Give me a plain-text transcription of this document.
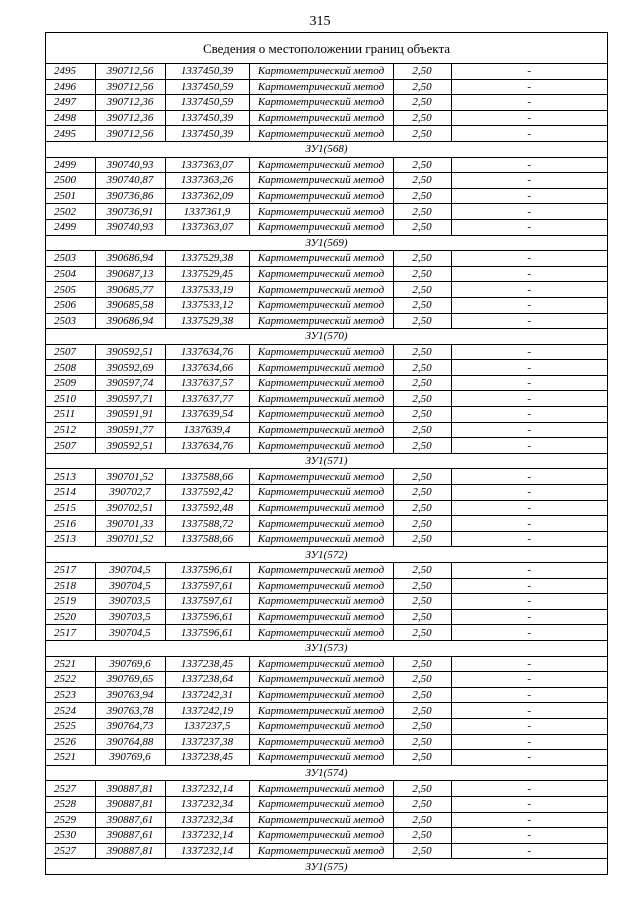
315
Сведения о местоположении границ объекта
2495	390712,56	1337450,39	Картометрический метод	2,50	-
2496	390712,56	1337450,59	Картометрический метод	2,50	-
2497	390712,36	1337450,59	Картометрический метод	2,50	-
2498	390712,36	1337450,39	Картометрический метод	2,50	-
2495	390712,56	1337450,39	Картометрический метод	2,50	-
ЗУ1(568)					
2499	390740,93	1337363,07	Картометрический метод	2,50	-
2500	390740,87	1337363,26	Картометрический метод	2,50	-
2501	390736,86	1337362,09	Картометрический метод	2,50	-
2502	390736,91	1337361,9	Картометрический метод	2,50	-
2499	390740,93	1337363,07	Картометрический метод	2,50	-
ЗУ1(569)					
2503	390686,94	1337529,38	Картометрический метод	2,50	-
2504	390687,13	1337529,45	Картометрический метод	2,50	-
2505	390685,77	1337533,19	Картометрический метод	2,50	-
2506	390685,58	1337533,12	Картометрический метод	2,50	-
2503	390686,94	1337529,38	Картометрический метод	2,50	-
ЗУ1(570)					
2507	390592,51	1337634,76	Картометрический метод	2,50	-
2508	390592,69	1337634,66	Картометрический метод	2,50	-
2509	390597,74	1337637,57	Картометрический метод	2,50	-
2510	390597,71	1337637,77	Картометрический метод	2,50	-
2511	390591,91	1337639,54	Картометрический метод	2,50	-
2512	390591,77	1337639,4	Картометрический метод	2,50	-
2507	390592,51	1337634,76	Картометрический метод	2,50	-
ЗУ1(571)					
2513	390701,52	1337588,66	Картометрический метод	2,50	-
2514	390702,7	1337592,42	Картометрический метод	2,50	-
2515	390702,51	1337592,48	Картометрический метод	2,50	-
2516	390701,33	1337588,72	Картометрический метод	2,50	-
2513	390701,52	1337588,66	Картометрический метод	2,50	-
ЗУ1(572)					
2517	390704,5	1337596,61	Картометрический метод	2,50	-
2518	390704,5	1337597,61	Картометрический метод	2,50	-
2519	390703,5	1337597,61	Картометрический метод	2,50	-
2520	390703,5	1337596,61	Картометрический метод	2,50	-
2517	390704,5	1337596,61	Картометрический метод	2,50	-
ЗУ1(573)					
2521	390769,6	1337238,45	Картометрический метод	2,50	-
2522	390769,65	1337238,64	Картометрический метод	2,50	-
2523	390763,94	1337242,31	Картометрический метод	2,50	-
2524	390763,78	1337242,19	Картометрический метод	2,50	-
2525	390764,73	1337237,5	Картометрический метод	2,50	-
2526	390764,88	1337237,38	Картометрический метод	2,50	-
2521	390769,6	1337238,45	Картометрический метод	2,50	-
ЗУ1(574)					
2527	390887,81	1337232,14	Картометрический метод	2,50	-
2528	390887,81	1337232,34	Картометрический метод	2,50	-
2529	390887,61	1337232,34	Картометрический метод	2,50	-
2530	390887,61	1337232,14	Картометрический метод	2,50	-
2527	390887,81	1337232,14	Картометрический метод	2,50	-
ЗУ1(575)					
